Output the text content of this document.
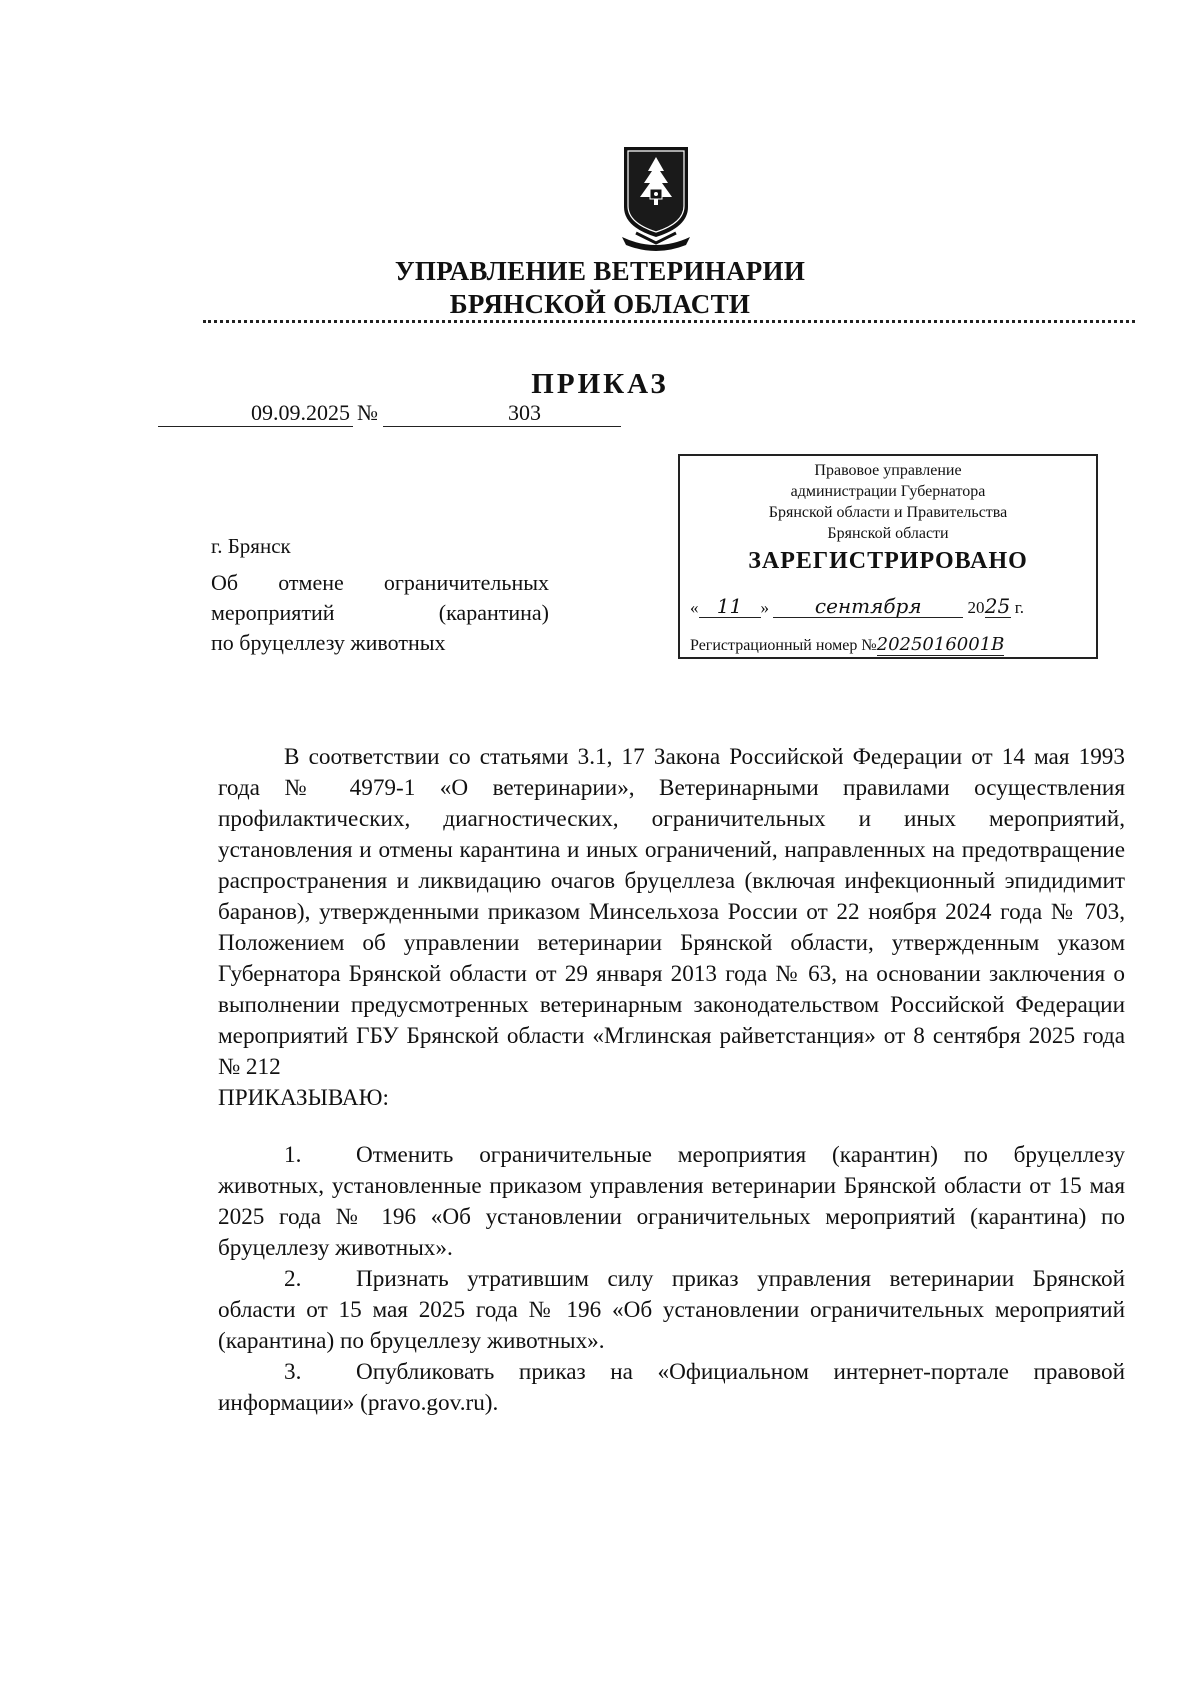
УПРАВЛЕНИЕ ВЕТЕРИНАРИИ
БРЯНСКОЙ ОБЛАСТИ
ПРИКАЗ
09.09.2025 №	303
Правовое управление
администрации Губернатора
Брянской области и Правительства
Брянской области
ЗАРЕГИСТРИРОВАНО
« 11 » сентября	2025 г.
Регистрационный номер №2025016001В
г. Брянск
Об отмене ограничительных
мероприятий	(карантина)
по бруцеллезу животных

В соответствии со статьями 3.1, 17 Закона Российской Федерации от 14 мая 1993 года № 4979-1 «О ветеринарии», Ветеринарными правилами осуществления профилактических, диагностических, ограничительных и иных мероприятий, установления и отмены карантина и иных ограничений, направленных на предотвращение распространения и ликвидацию очагов бруцеллеза (включая инфекционный эпидидимит баранов), утвержденными приказом Минсельхоза России от 22 ноября 2024 года № 703, Положением об управлении ветеринарии Брянской области, утвержденным указом Губернатора Брянской области от 29 января 2013 года № 63, на основании заключения о выполнении предусмотренных ветеринарным законодательством Российской Федерации мероприятий ГБУ Брянской области «Мглинская райветстанция» от 8 сентября 2025 года № 212

ПРИКАЗЫВАЮ:

1. Отменить ограничительные мероприятия (карантин) по бруцеллезу животных, установленные приказом управления ветеринарии Брянской области от 15 мая 2025 года № 196 «Об установлении ограничительных мероприятий (карантина) по бруцеллезу животных».

2. Признать утратившим силу приказ управления ветеринарии Брянской области от 15 мая 2025 года № 196 «Об установлении ограничительных мероприятий (карантина) по бруцеллезу животных».

3. Опубликовать приказ на «Официальном интернет-портале правовой информации» (pravo.gov.ru).
